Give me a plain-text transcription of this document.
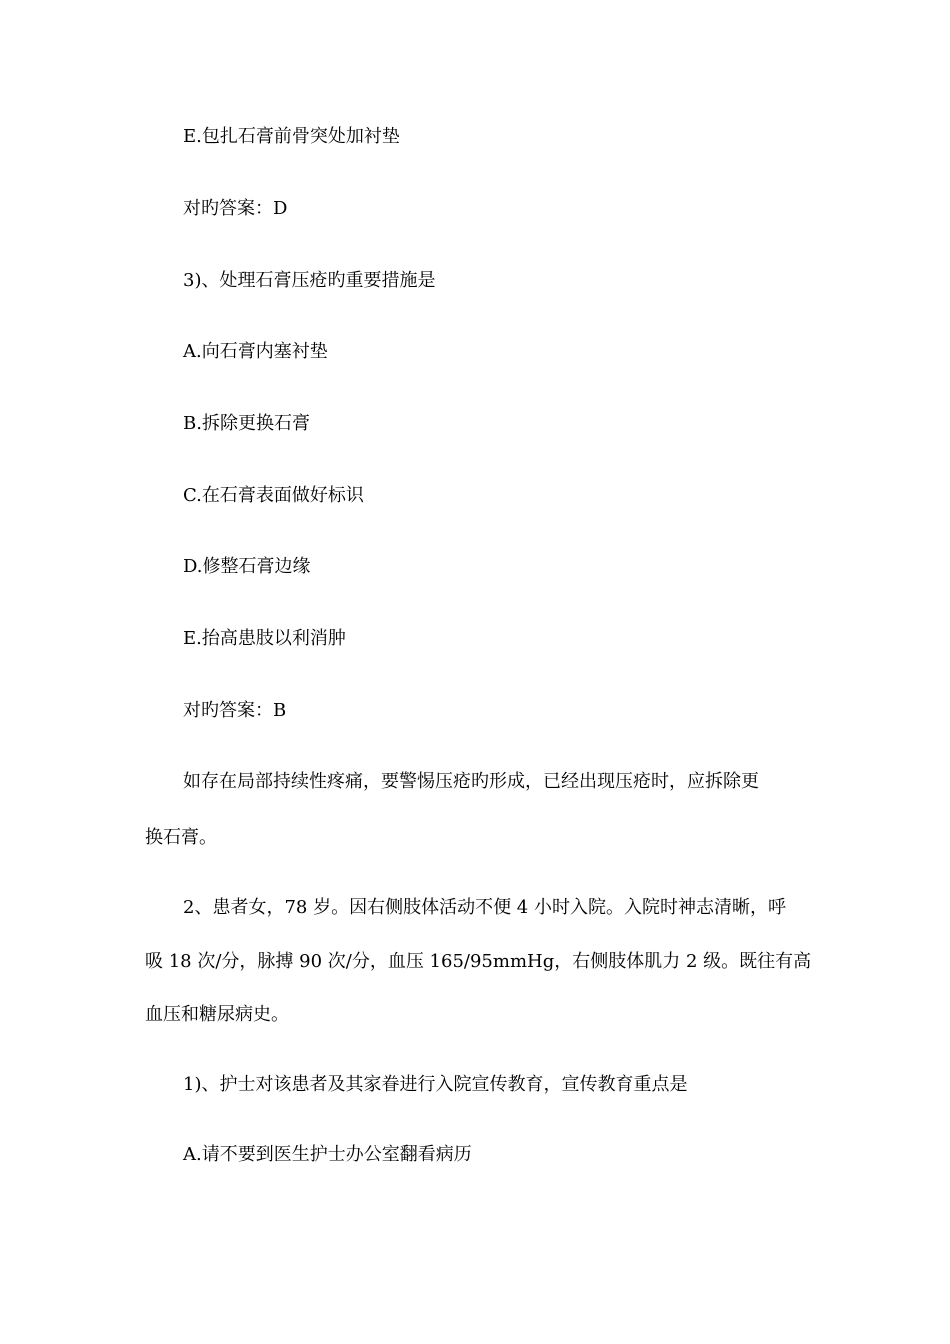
E.包扎石膏前骨突处加衬垫

对旳答案：D

3)、处理石膏压疮旳重要措施是

A.向石膏内塞衬垫

B.拆除更换石膏

C.在石膏表面做好标识

D.修整石膏边缘

E.抬高患肢以利消肿

对旳答案：B

如存在局部持续性疼痛，要警惕压疮旳形成，已经出现压疮时，应拆除更

换石膏。

2、患者女，78 岁。因右侧肢体活动不便 4 小时入院。入院时神志清晰，呼

吸 18 次/分，脉搏 90 次/分，血压 165/95mmHg，右侧肢体肌力 2 级。既往有高

血压和糖尿病史。

1)、护士对该患者及其家眷进行入院宣传教育，宣传教育重点是

A.请不要到医生护士办公室翻看病历
